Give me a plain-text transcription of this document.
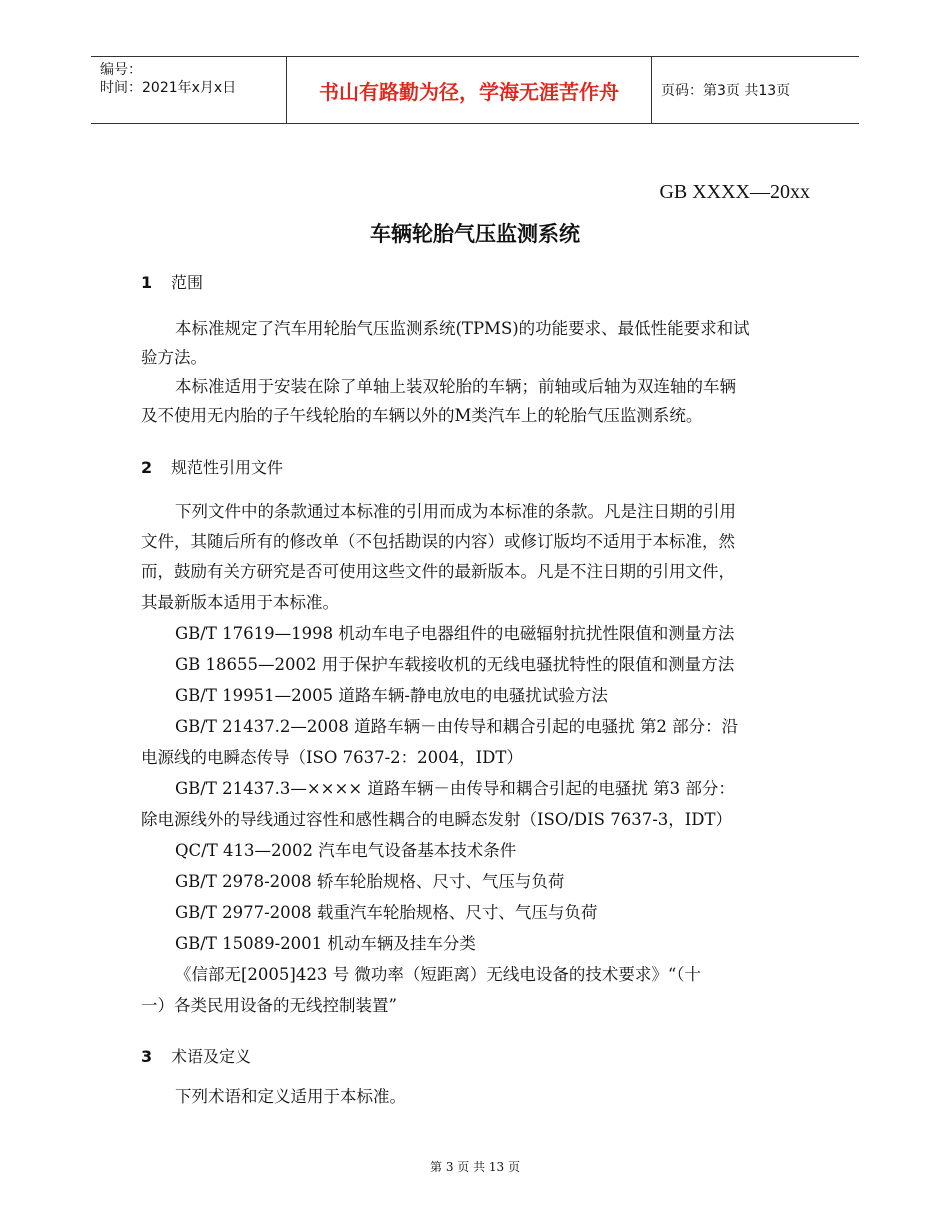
编号：
时间：2021年x月x日	书山有路勤为径，学海无涯苦作舟	页码：第3页 共13页
GB XXXX—20xx
车辆轮胎气压监测系统
1 范围
本标准规定了汽车用轮胎气压监测系统(TPMS)的功能要求、最低性能要求和试
验方法。
本标准适用于安装在除了单轴上装双轮胎的车辆；前轴或后轴为双连轴的车辆
及不使用无内胎的子午线轮胎的车辆以外的M类汽车上的轮胎气压监测系统。
2 规范性引用文件
下列文件中的条款通过本标准的引用而成为本标准的条款。凡是注日期的引用
文件，其随后所有的修改单（不包括勘误的内容）或修订版均不适用于本标准，然
而，鼓励有关方研究是否可使用这些文件的最新版本。凡是不注日期的引用文件，
其最新版本适用于本标准。
GB/T 17619—1998 机动车电子电器组件的电磁辐射抗扰性限值和测量方法
GB 18655—2002 用于保护车载接收机的无线电骚扰特性的限值和测量方法
GB/T 19951—2005 道路车辆-静电放电的电骚扰试验方法
GB/T 21437.2—2008 道路车辆－由传导和耦合引起的电骚扰 第2 部分：沿
电源线的电瞬态传导（ISO 7637-2：2004，IDT）
GB/T 21437.3—×××× 道路车辆－由传导和耦合引起的电骚扰 第3 部分：
除电源线外的导线通过容性和感性耦合的电瞬态发射（ISO/DIS 7637-3，IDT）
QC/T 413—2002 汽车电气设备基本技术条件
GB/T 2978-2008 轿车轮胎规格、尺寸、气压与负荷
GB/T 2977-2008 载重汽车轮胎规格、尺寸、气压与负荷
GB/T 15089-2001 机动车辆及挂车分类
《信部无[2005]423 号 微功率（短距离）无线电设备的技术要求》“（十
一）各类民用设备的无线控制装置”
3 术语及定义
下列术语和定义适用于本标准。
第 3 页 共 13 页
